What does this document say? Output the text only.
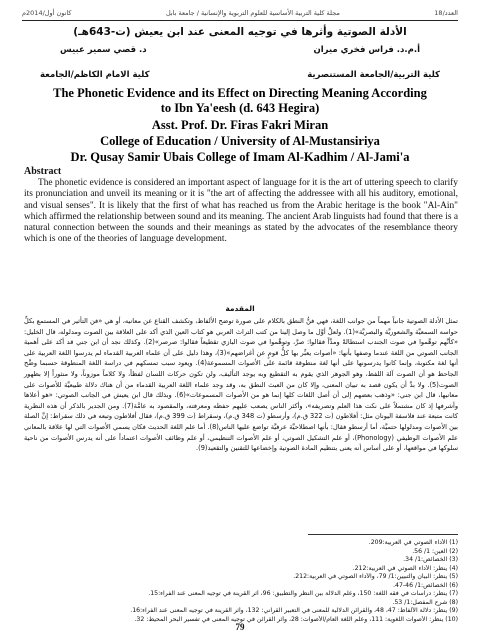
كانون أول/2014م	مجلة كلية التربية الأساسية للعلوم التربوية والإنسانية / جامعة بابل	العدد/18
الأدلة الصوتية وأثرها في توجيه المعنى عند ابن يعيش (ت-643هـ)
أ.م.د. فراس فخري ميران
د. قصي سمير عبيس
كلية التربية/الجامعة المستنصرية
كلية الامام الكاظم/الجامعة
The Phonetic Evidence and its Effect on Directing Meaning According
to Ibn Ya'eesh (d. 643 Hegira)
Asst. Prof. Dr. Firas Fakri Miran
College of Education / University of Al-Mustansiriya
Dr. Qusay Samir Ubais College of Imam Al-Kadhim / Al-Jami'a
Abstract
The phonetic evidence is considered an important aspect of language for it is the art of uttering speech to clarify its pronunciation and unveil its meaning or it is "the art of affecting the addressee with all his auditory, emotional, and visual senses". It is likely that the first of what has reached us from the Arabic heritage is the book "Al-Ain" which affirmed the relationship between sound and its meaning. The ancient Arab linguists had found that there is a natural connection between the sounds and their meanings as stated by the advocates of the resemblance theory which is one of the theories of language development.
المقدمة
تمثل الأدلة الصوتية جانباً مهماً من جوانب اللغة، فهي فنُّ النطق بالكلام على صورة توضح الألفاظ، وتكشف القناع عن معانيه، أو هي «فن التأثير في المستمع بكلِّ حواسه السمعيَّة والشعوريَّة والبصريَّة»(1). ولعلَّ أوَّل ما وصل إلينا من كتب التراث العربي هو كتاب العين الذي أكد على العلاقة بين الصوت ومدلوله، قال الخليل: «كأنَّهم توهَّموا في صوت الجندب استطالةً ومدَّاً فقالوا: صرَّ، وتوهَّموا في صوت البازي تقطيعاً فقالوا: صرصر»(2). وكذلك نجد أن ابن جني قد أكد على أهمية الجانب الصوتي من اللغة عندما وصفها بأنها: «أصوات يعبِّر بها كلُّ قومٍ عن أغراضهم»(3)، وهذا دليل على أن علماء العربية القدماء لم يدرسوا اللغة العربية على أنها لغة مكتوبة، وإنما كانوا يدرسونها على أنها لغة منطوقة قائمة على الأصوات المسموعة(4). ويعود سبب تمسكهم في دراسة اللغة المنطوقة حسبما وضَّح الجاحظ هو أن الصوت آلة اللفظ، وهو الجوهر الذي يقوم به التقطيع وبه يوجد التأليف، ولن تكون حركات اللسان لفظاً، ولا كلاماً موزوناً، ولا منثوراً إلا بظهور الصوت(5). ولا بدَّ أن يكون قصد به تبيان المعنى، وإلا كان من العبث النطق به، وقد وجد علماء اللغة العربية القدماء من أن هناك دلالة طبيعيَّة للأصوات على معانيها، قال ابن جني: «وذهب بعضهم إلى أن أصل اللغات كلها إنما هو من الأصوات المسموعات»(6). وبذلك قال ابن يعيش في الجانب الصوتي: «هو أعلاها وأشرفها إذ كان مشتملاً على نكت هذا العلم وتصريفه»، وأكثر الناس يصعب عليهم حفظه ومعرفته، والمقصود به عامَّة(7). ومن الجدير بالذكر أن هذه النظرية كانت متبعة عند فلاسفة اليونان مثل: أفلاطون (ت 322 ق.م)، وأرسطو (ت 348 ق.م)، وسقراط (ت 399 ق.م)، فقال أفلاطون وتبعه في ذلك سقراط: إنَّ الصلة بين الأصوات ومدلولها حتميَّة، أما أرسطو فقال: بأنها اصطلاحيَّة عرفيَّة تواضع عليها الناس(8). أما علم اللغة الحديث فكان يسمي الأصوات التي لها علاقة بالمعاني علم الأصوات الوظيفي (Phonology)، أو علم التشكيل الصوتي، أو علم الأصوات التنظيمي، أو علم وظائف الأصوات اعتماداً على أنه يدرس الأصوات من ناحية سلوكها في مواقعها، أو على أساس أنه يعنى بتنظيم المادة الصوتية وإخضاعها للتقنين والتقعيد(9).
(1) الأداء الصوتي في العربية:209.
(2) العين: 1/ 56.
(3) الخصائص:1/ 34.
(4) ينظر: الأداء الصوتي في العربية:212.
(5) ينظر: البيان والتبيين:1/ 79، والأداء الصوتي في العربية:212.
(6) الخصائص:1/ 46-47.
(7) ينظر: دراسات في فقه اللغة: 150، وعلم الدلالة بين النظر والتطبيق: 96، أثر القرينة في توجيه المعنى عند الفراء:15.
(8) شرح المفصل:1/ 53.
(9) ينظر: دلالة الألفاظ: 47، 48، والقرائن الدلالية للمعنى في التعبير القرآني: 132، وأثر القرينة في توجيه المعنى عند الفراء:16.
(10) ينظر: الأصوات اللغوية: 111، وعلم اللغة العام/الأصوات: 28، وأثر القرائن في توجيه المعنى في تفسير البحر المحيط: 32.
79
